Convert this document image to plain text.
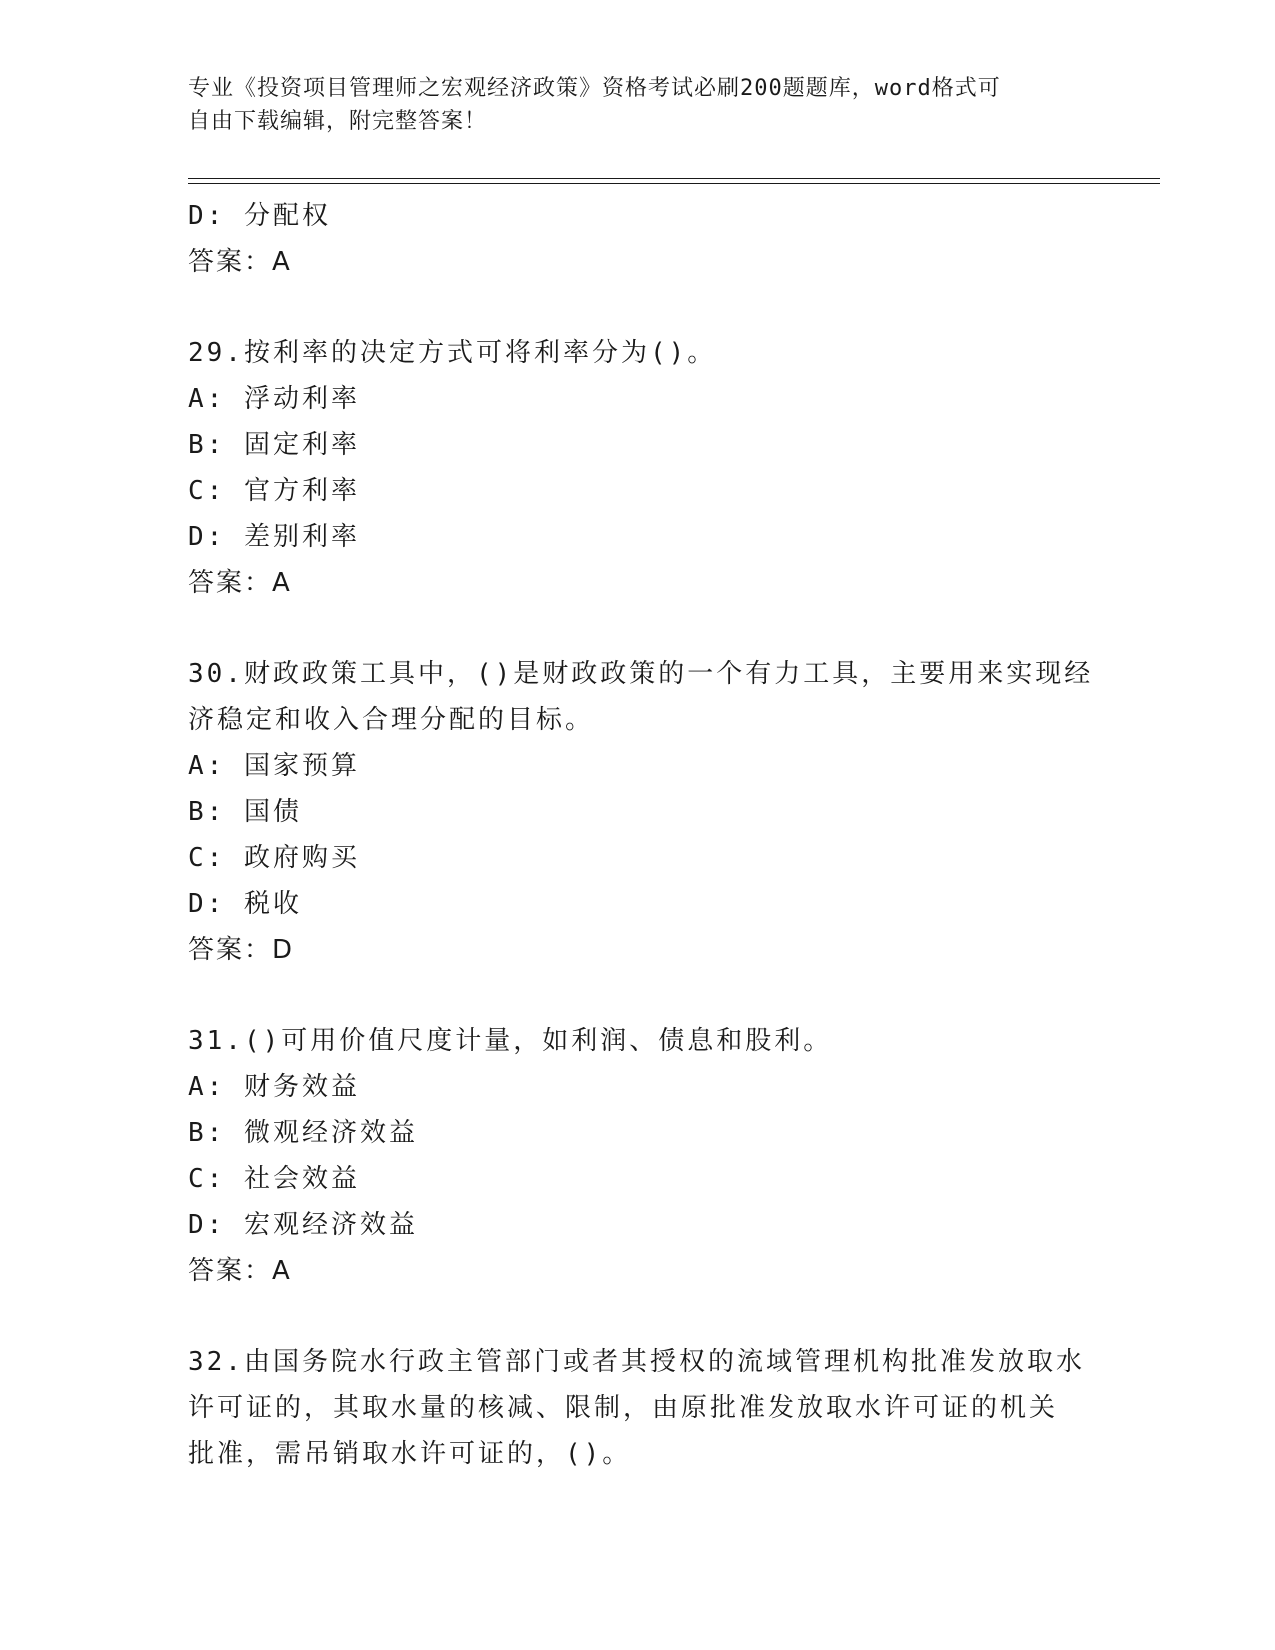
专业《投资项目管理师之宏观经济政策》资格考试必刷200题题库，word格式可
自由下载编辑，附完整答案！
D: 分配权
答案：A
29.按利率的决定方式可将利率分为()。
A: 浮动利率
B: 固定利率
C: 官方利率
D: 差别利率
答案：A
30.财政政策工具中，()是财政政策的一个有力工具，主要用来实现经
济稳定和收入合理分配的目标。
A: 国家预算
B: 国债
C: 政府购买
D: 税收
答案：D
31.()可用价值尺度计量，如利润、债息和股利。
A: 财务效益
B: 微观经济效益
C: 社会效益
D: 宏观经济效益
答案：A
32.由国务院水行政主管部门或者其授权的流域管理机构批准发放取水
许可证的，其取水量的核减、限制，由原批准发放取水许可证的机关
批准，需吊销取水许可证的，()。
